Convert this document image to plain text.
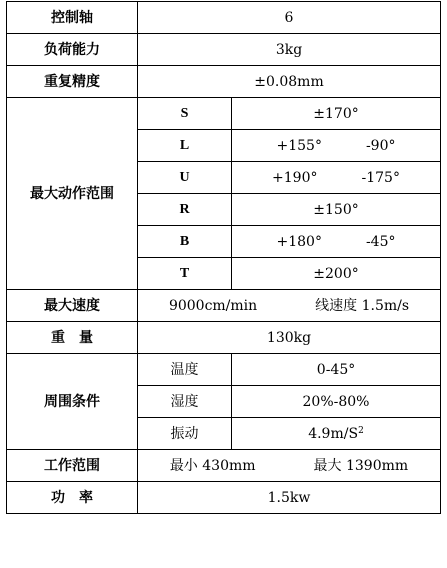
控制轴	6	
负荷能力	3kg	
重复精度	±0.08mm	
最大动作范围	S	±170°
	L	+155° -90°
	U	+190° -175°
	R	±150°
	B	+180° -45°
	T	±200°
最大速度	9000cm/min 线速度 1.5m/s	
重　量	130kg	
周围条件	温度	0-45°
	湿度	20%-80%
	振动	$4.9m/S^2$
工作范围	最小 430mm 最大 1390mm	
功　率	1.5kw	
